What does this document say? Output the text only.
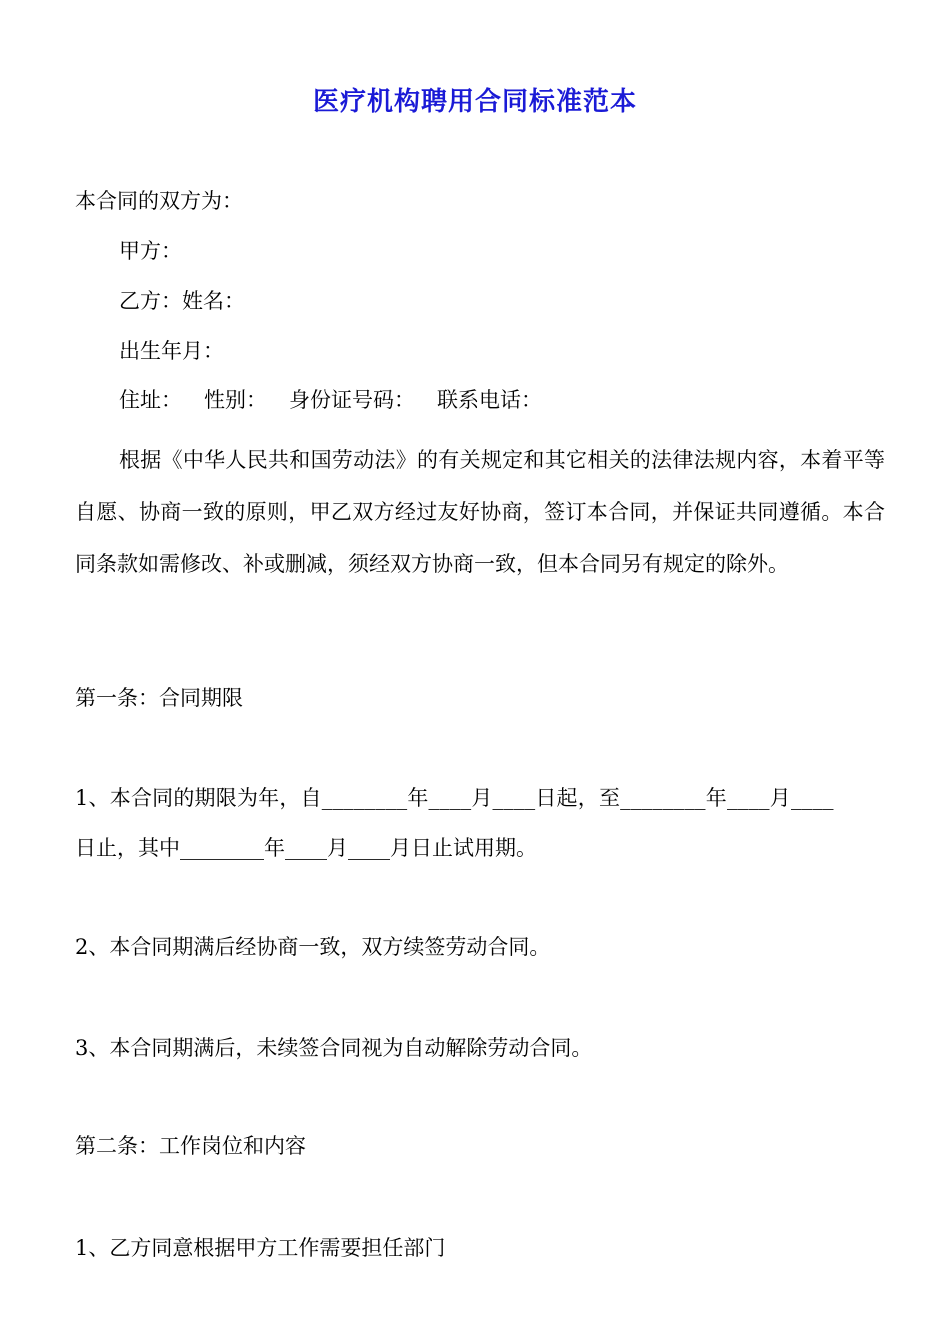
医疗机构聘用合同标准范本
本合同的双方为：
甲方：
乙方：姓名：
出生年月：
住址： 性别： 身份证号码： 联系电话：
根据《中华人民共和国劳动法》的有关规定和其它相关的法律法规内容，本着平等自愿、协商一致的原则，甲乙双方经过友好协商，签订本合同，并保证共同遵循。本合同条款如需修改、补或删减，须经双方协商一致，但本合同另有规定的除外。
第一条：合同期限
1、本合同的期限为年，自________年____月____日起，至________年____月____
日止，其中________年____月____月日止试用期。
2、本合同期满后经协商一致，双方续签劳动合同。
3、本合同期满后，未续签合同视为自动解除劳动合同。
第二条：工作岗位和内容
1、乙方同意根据甲方工作需要担任部门
